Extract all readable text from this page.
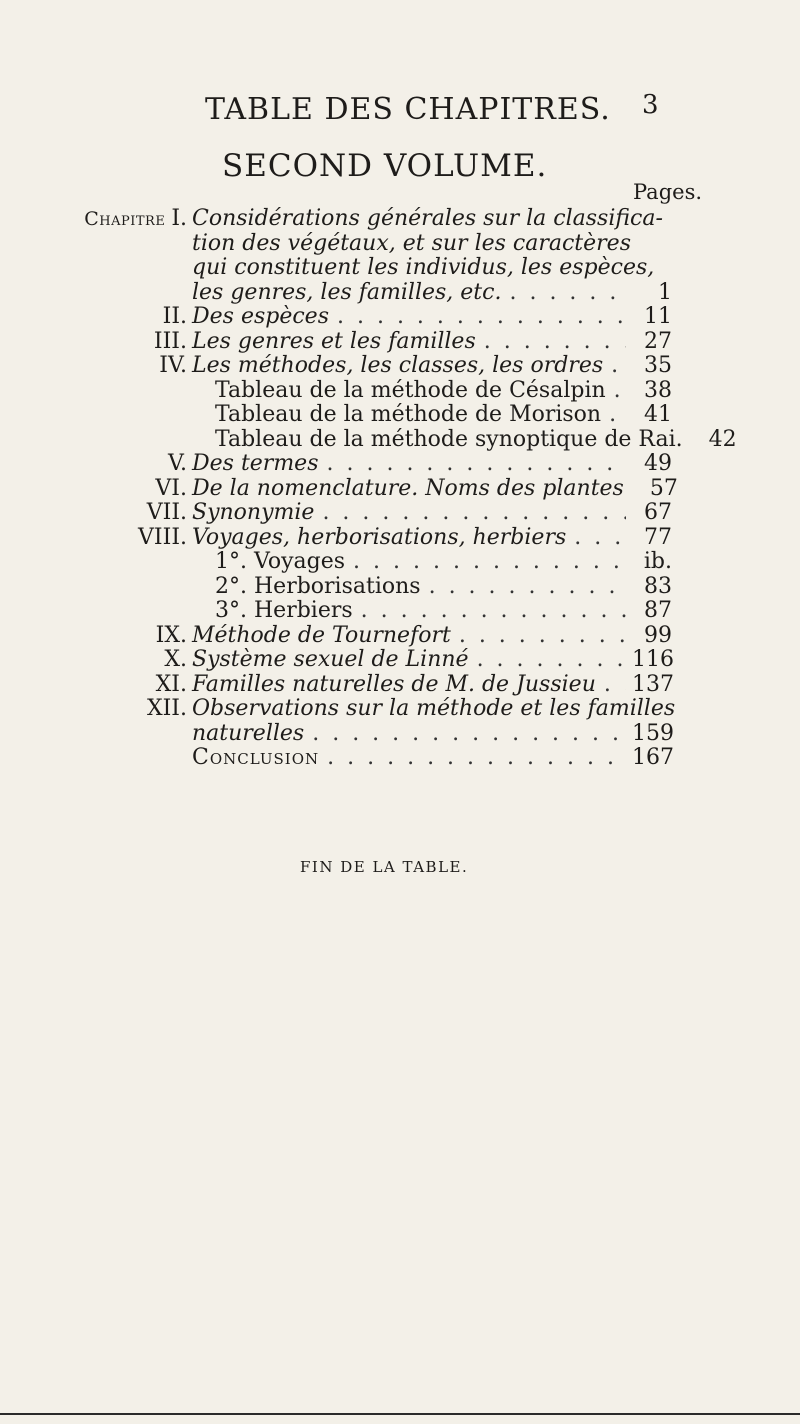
TABLE DES CHAPITRES. 3
SECOND VOLUME.
Pages.
Chapitre I. Considérations générales sur la classifica-
tion des végétaux, et sur les caractères
qui constituent les individus, les espèces,
les genres, les familles, etc. . . .	1
II. Des espèces . . .	11
III. Les genres et les familles . . .	27
IV. Les méthodes, les classes, les ordres . . .	35
Tableau de la méthode de Césalpin . . .	38
Tableau de la méthode de Morison . . .	41
Tableau de la méthode synoptique de Rai.	42
V. Des termes . . .	49
VI. De la nomenclature. Noms des plantes	57
VII. Synonymie . . .	67
VIII. Voyages, herborisations, herbiers . . .	77
1°. Voyages . . .	ib.
2°. Herborisations . . .	83
3°. Herbiers . . .	87
IX. Méthode de Tournefort . . .	99
X. Système sexuel de Linné . . .	116
XI. Familles naturelles de M. de Jussieu . . . 137
XII. Observations sur la méthode et les familles
naturelles . . .	159
Conclusion . . .	167
FIN DE LA TABLE.
